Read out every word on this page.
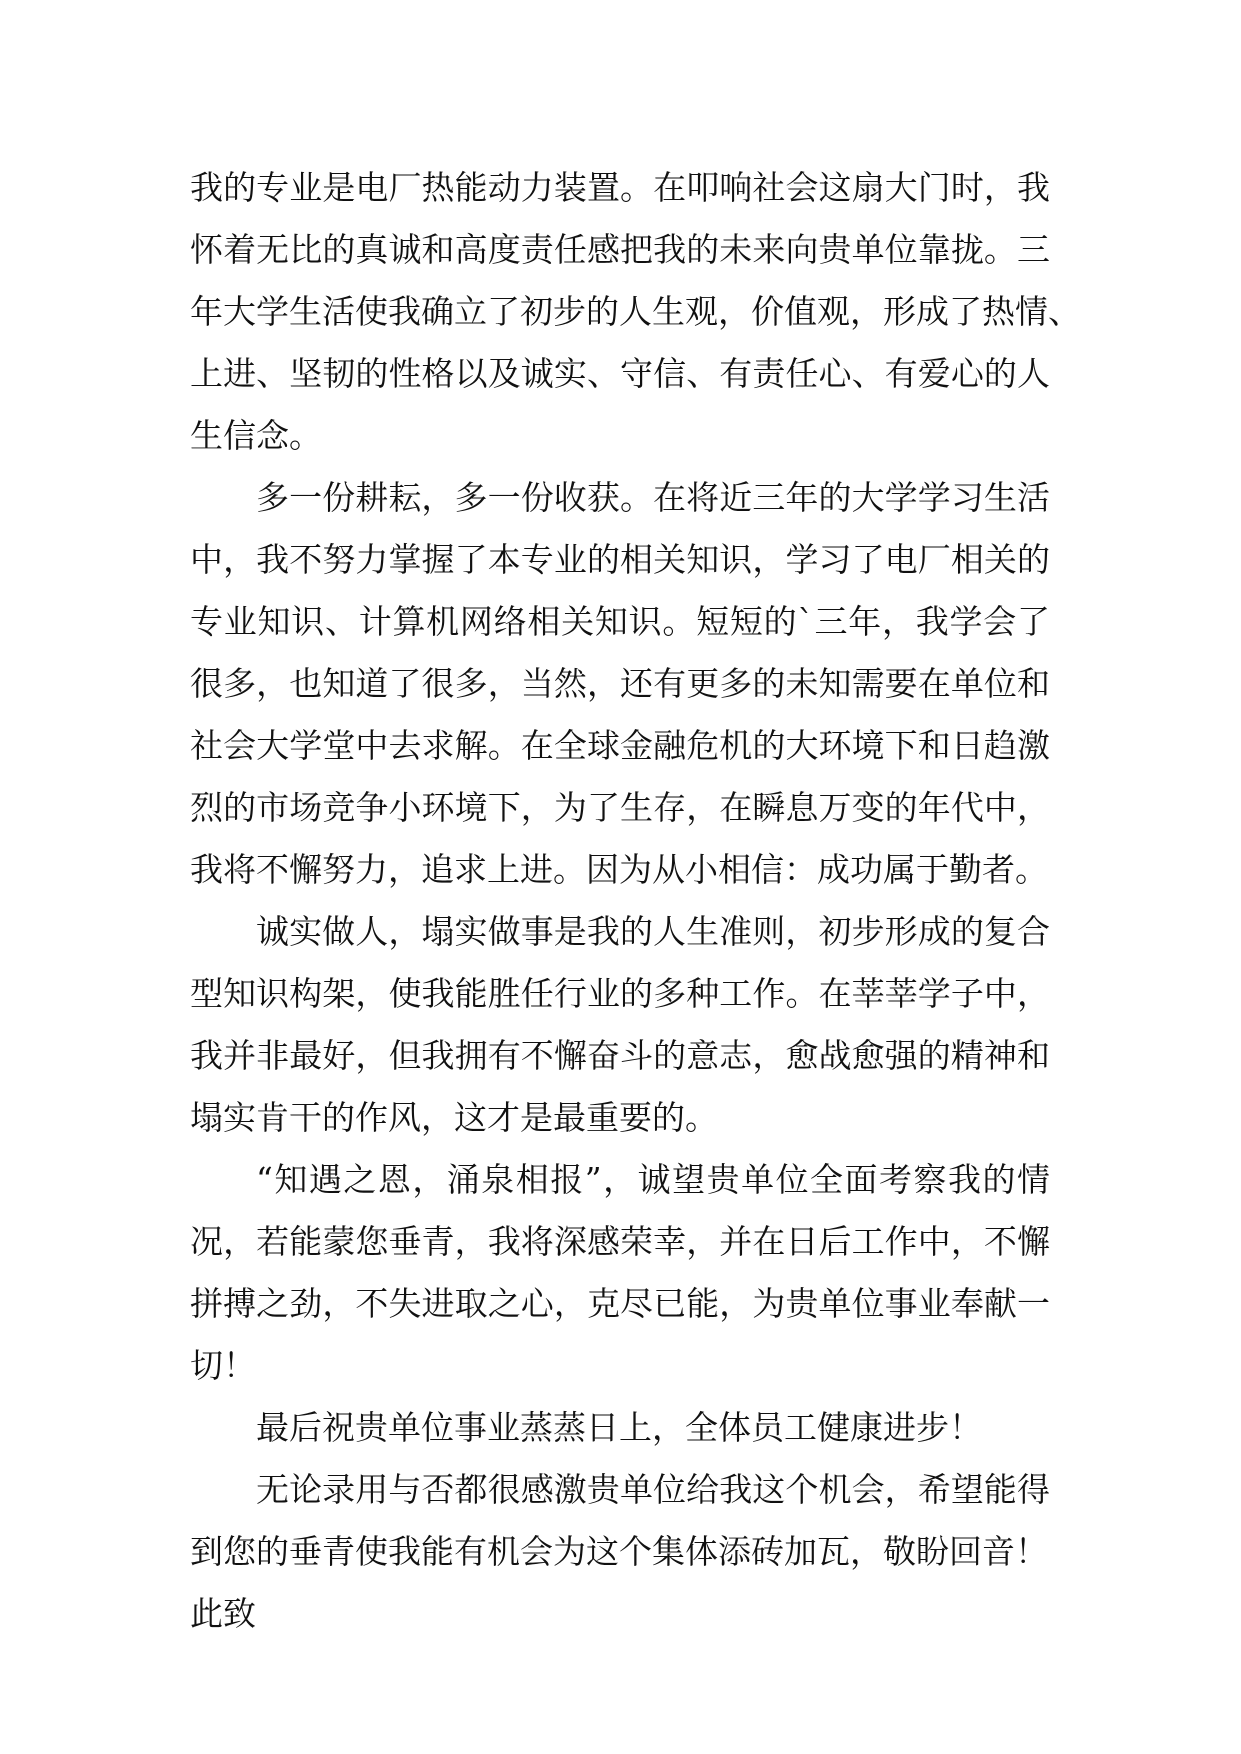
我的专业是电厂热能动力装置。在叩响社会这扇大门时，我
怀着无比的真诚和高度责任感把我的未来向贵单位靠拢。三
年大学生活使我确立了初步的人生观，价值观，形成了热情、
上进、坚韧的性格以及诚实、守信、有责任心、有爱心的人
生信念。
多一份耕耘，多一份收获。在将近三年的大学学习生活
中，我不努力掌握了本专业的相关知识，学习了电厂相关的
专业知识、计算机网络相关知识。短短的`三年，我学会了
很多，也知道了很多，当然，还有更多的未知需要在单位和
社会大学堂中去求解。在全球金融危机的大环境下和日趋激
烈的市场竞争小环境下，为了生存，在瞬息万变的年代中，
我将不懈努力，追求上进。因为从小相信：成功属于勤者。
诚实做人，塌实做事是我的人生准则，初步形成的复合
型知识构架，使我能胜任行业的多种工作。在莘莘学子中，
我并非最好，但我拥有不懈奋斗的意志，愈战愈强的精神和
塌实肯干的作风，这才是最重要的。
“知遇之恩，涌泉相报”，诚望贵单位全面考察我的情
况，若能蒙您垂青，我将深感荣幸，并在日后工作中，不懈
拼搏之劲，不失进取之心，克尽已能，为贵单位事业奉献一
切！
最后祝贵单位事业蒸蒸日上，全体员工健康进步！
无论录用与否都很感激贵单位给我这个机会，希望能得
到您的垂青使我能有机会为这个集体添砖加瓦，敬盼回音！
此致
